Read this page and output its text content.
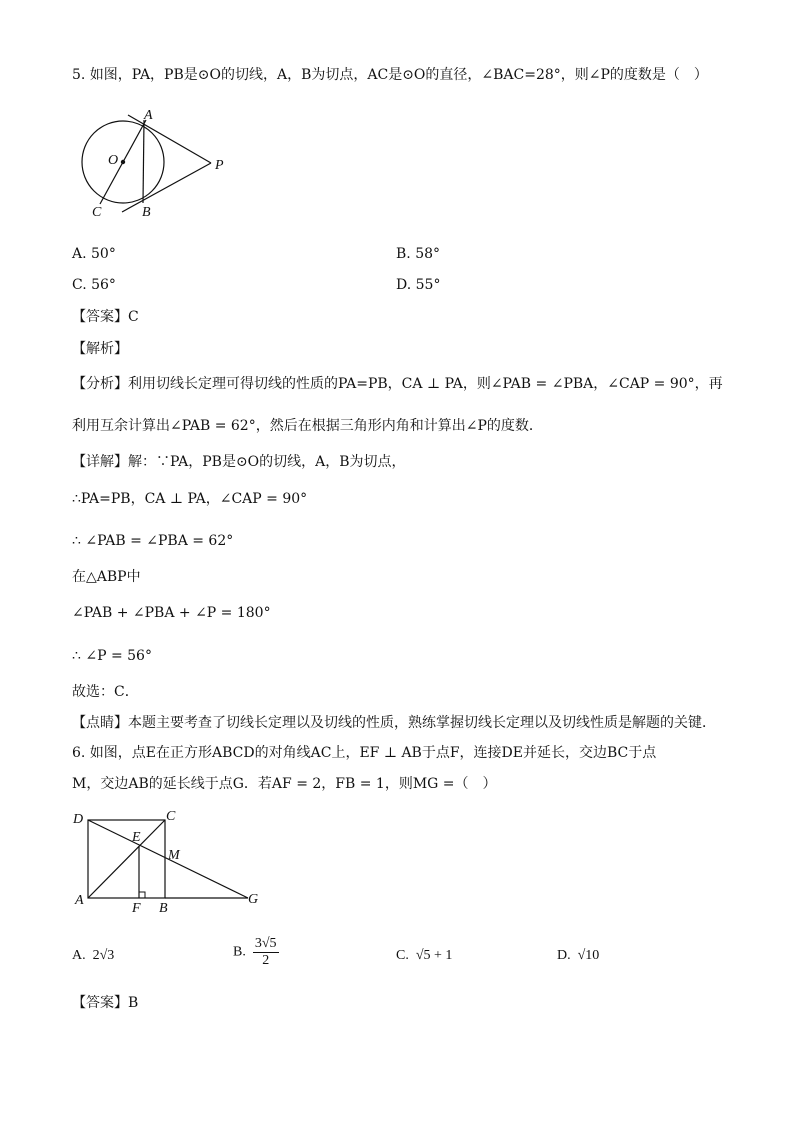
5. 如图，PA，PB是⊙O的切线，A，B为切点，AC是⊙O的直径，∠BAC=28°，则∠P的度数是（　）
A
O	P
C	B
A. 50°	B. 58°
C. 56°	D. 55°
【答案】C
【解析】
【分析】利用切线长定理可得切线的性质的PA=PB，CA ⊥ PA，则∠PAB = ∠PBA，∠CAP = 90°，再
利用互余计算出∠PAB = 62°，然后在根据三角形内角和计算出∠P的度数．
【详解】解：∵PA，PB是⊙O的切线，A，B为切点，
∴PA=PB，CA ⊥ PA，∠CAP = 90°
∴ ∠PAB = ∠PBA = 62°
在△ABP中
∠PAB + ∠PBA + ∠P = 180°
∴ ∠P = 56°
故选：C．
【点睛】本题主要考查了切线长定理以及切线的性质，熟练掌握切线长定理以及切线性质是解题的关键．
6. 如图，点E在正方形ABCD的对角线AC上，EF ⊥ AB于点F，连接DE并延长，交边BC于点
M，交边AB的延长线于点G．若AF = 2，FB = 1，则MG =（　）
D	C
E
M
A
F B
G
A. 2√3	B. $\frac{3√5}{2}$	C. √5 + 1	D. √10
【答案】B
